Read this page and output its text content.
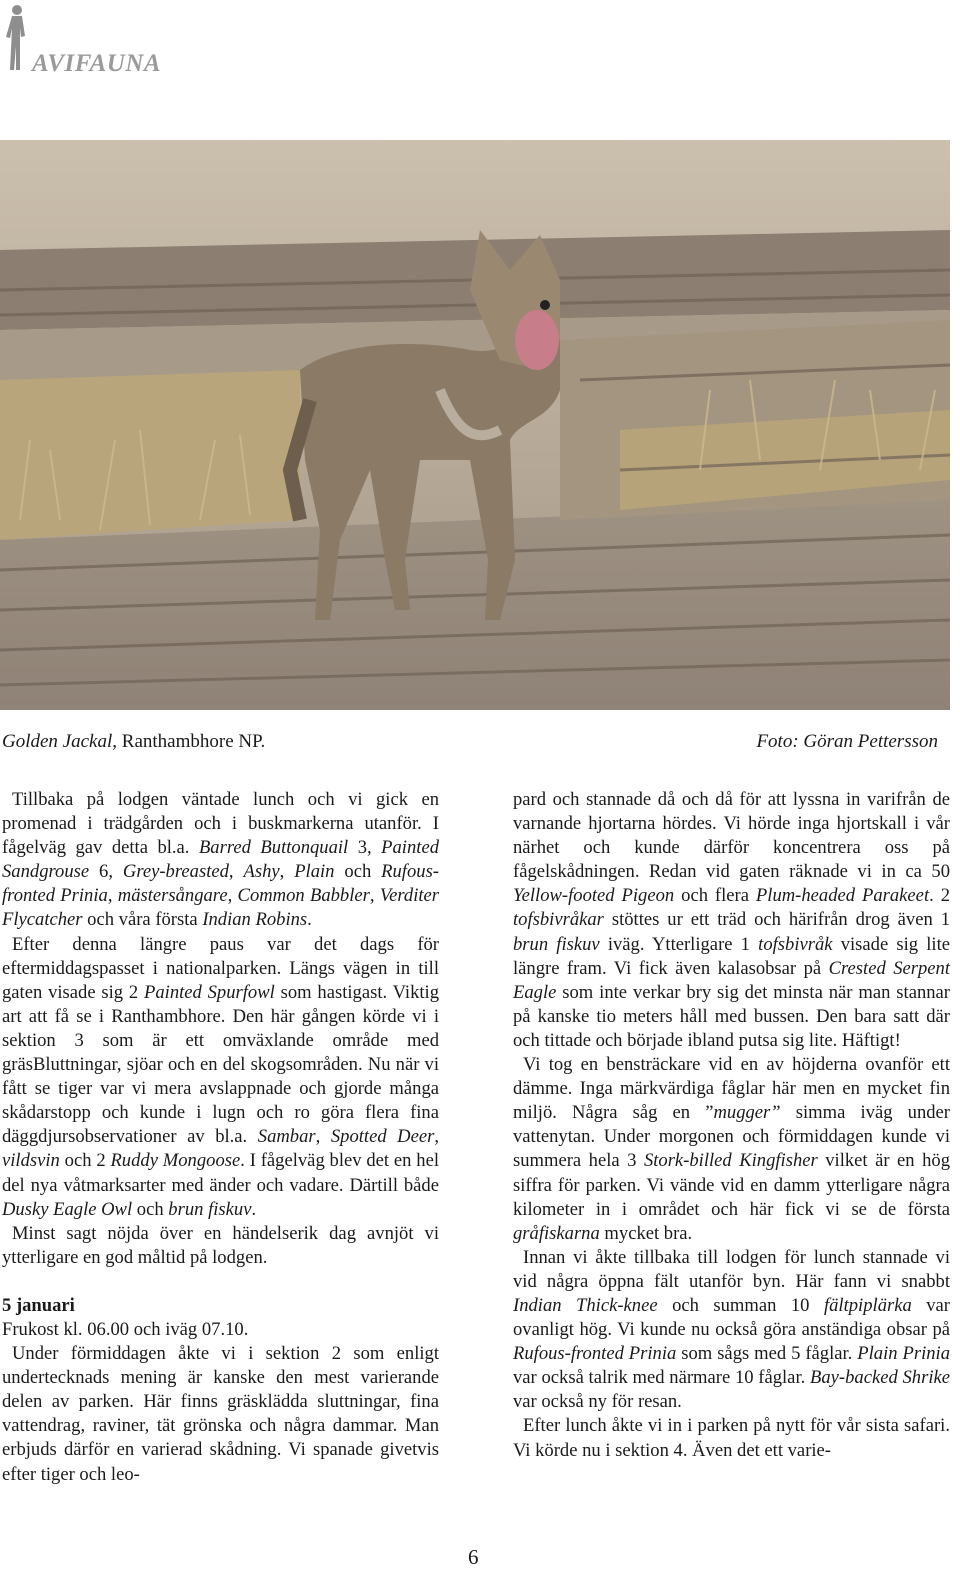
AVIFAUNA
Golden Jackal, Ranthambhore NP.	Foto: Göran Pettersson

Tillbaka på lodgen väntade lunch och vi gick en promenad i trädgården och i buskmarkerna utanför. I fågelväg gav detta bl.a. Barred Buttonquail 3, Painted Sandgrouse 6, Grey-breasted, Ashy, Plain och Rufous-fronted Prinia, mästersångare, Common Babbler, Verditer Flycatcher och våra första Indian Robins.

Efter denna längre paus var det dags för eftermiddagspasset i nationalparken. Längs vägen in till gaten visade sig 2 Painted Spurfowl som hastigast. Viktig art att få se i Ranthambhore. Den här gången körde vi i sektion 3 som är ett omväxlande område med gräsBluttningar, sjöar och en del skogsområden. Nu när vi fått se tiger var vi mera avslappnade och gjorde många skådarstopp och kunde i lugn och ro göra flera fina däggdjursobservationer av bl.a. Sambar, Spotted Deer, vildsvin och 2 Ruddy Mongoose. I fågelväg blev det en hel del nya våtmarksarter med änder och vadare. Därtill både Dusky Eagle Owl och brun fiskuv.

Minst sagt nöjda över en händelserik dag avnjöt vi ytterligare en god måltid på lodgen.

5 januari

Frukost kl. 06.00 och iväg 07.10.

Under förmiddagen åkte vi i sektion 2 som enligt undertecknads mening är kanske den mest varierande delen av parken. Här finns gräsklädda sluttningar, fina vattendrag, raviner, tät grönska och några dammar. Man erbjuds därför en varierad skådning. Vi spanade givetvis efter tiger och leo-

pard och stannade då och då för att lyssna in varifrån de varnande hjortarna hördes. Vi hörde inga hjortskall i vår närhet och kunde därför koncentrera oss på fågelskådningen. Redan vid gaten räknade vi in ca 50 Yellow-footed Pigeon och flera Plum-headed Parakeet. 2 tofsbivråkar stöttes ur ett träd och härifrån drog även 1 brun fiskuv iväg. Ytterligare 1 tofsbivråk visade sig lite längre fram. Vi fick även kalasobsar på Crested Serpent Eagle som inte verkar bry sig det minsta när man stannar på kanske tio meters håll med bussen. Den bara satt där och tittade och började ibland putsa sig lite. Häftigt!

Vi tog en bensträckare vid en av höjderna ovanför ett dämme. Inga märkvärdiga fåglar här men en mycket fin miljö. Några såg en ”mugger” simma iväg under vattenytan. Under morgonen och förmiddagen kunde vi summera hela 3 Stork-billed Kingfisher vilket är en hög siffra för parken. Vi vände vid en damm ytterligare några kilometer in i området och här fick vi se de första gråfiskarna mycket bra.

Innan vi åkte tillbaka till lodgen för lunch stannade vi vid några öppna fält utanför byn. Här fann vi snabbt Indian Thick-knee och summan 10 fältpiplärka var ovanligt hög. Vi kunde nu också göra anständiga obsar på Rufous-fronted Prinia som sågs med 5 fåglar. Plain Prinia var också talrik med närmare 10 fåglar. Bay-backed Shrike var också ny för resan.

Efter lunch åkte vi in i parken på nytt för vår sista safari. Vi körde nu i sektion 4. Även det ett varie-

6
